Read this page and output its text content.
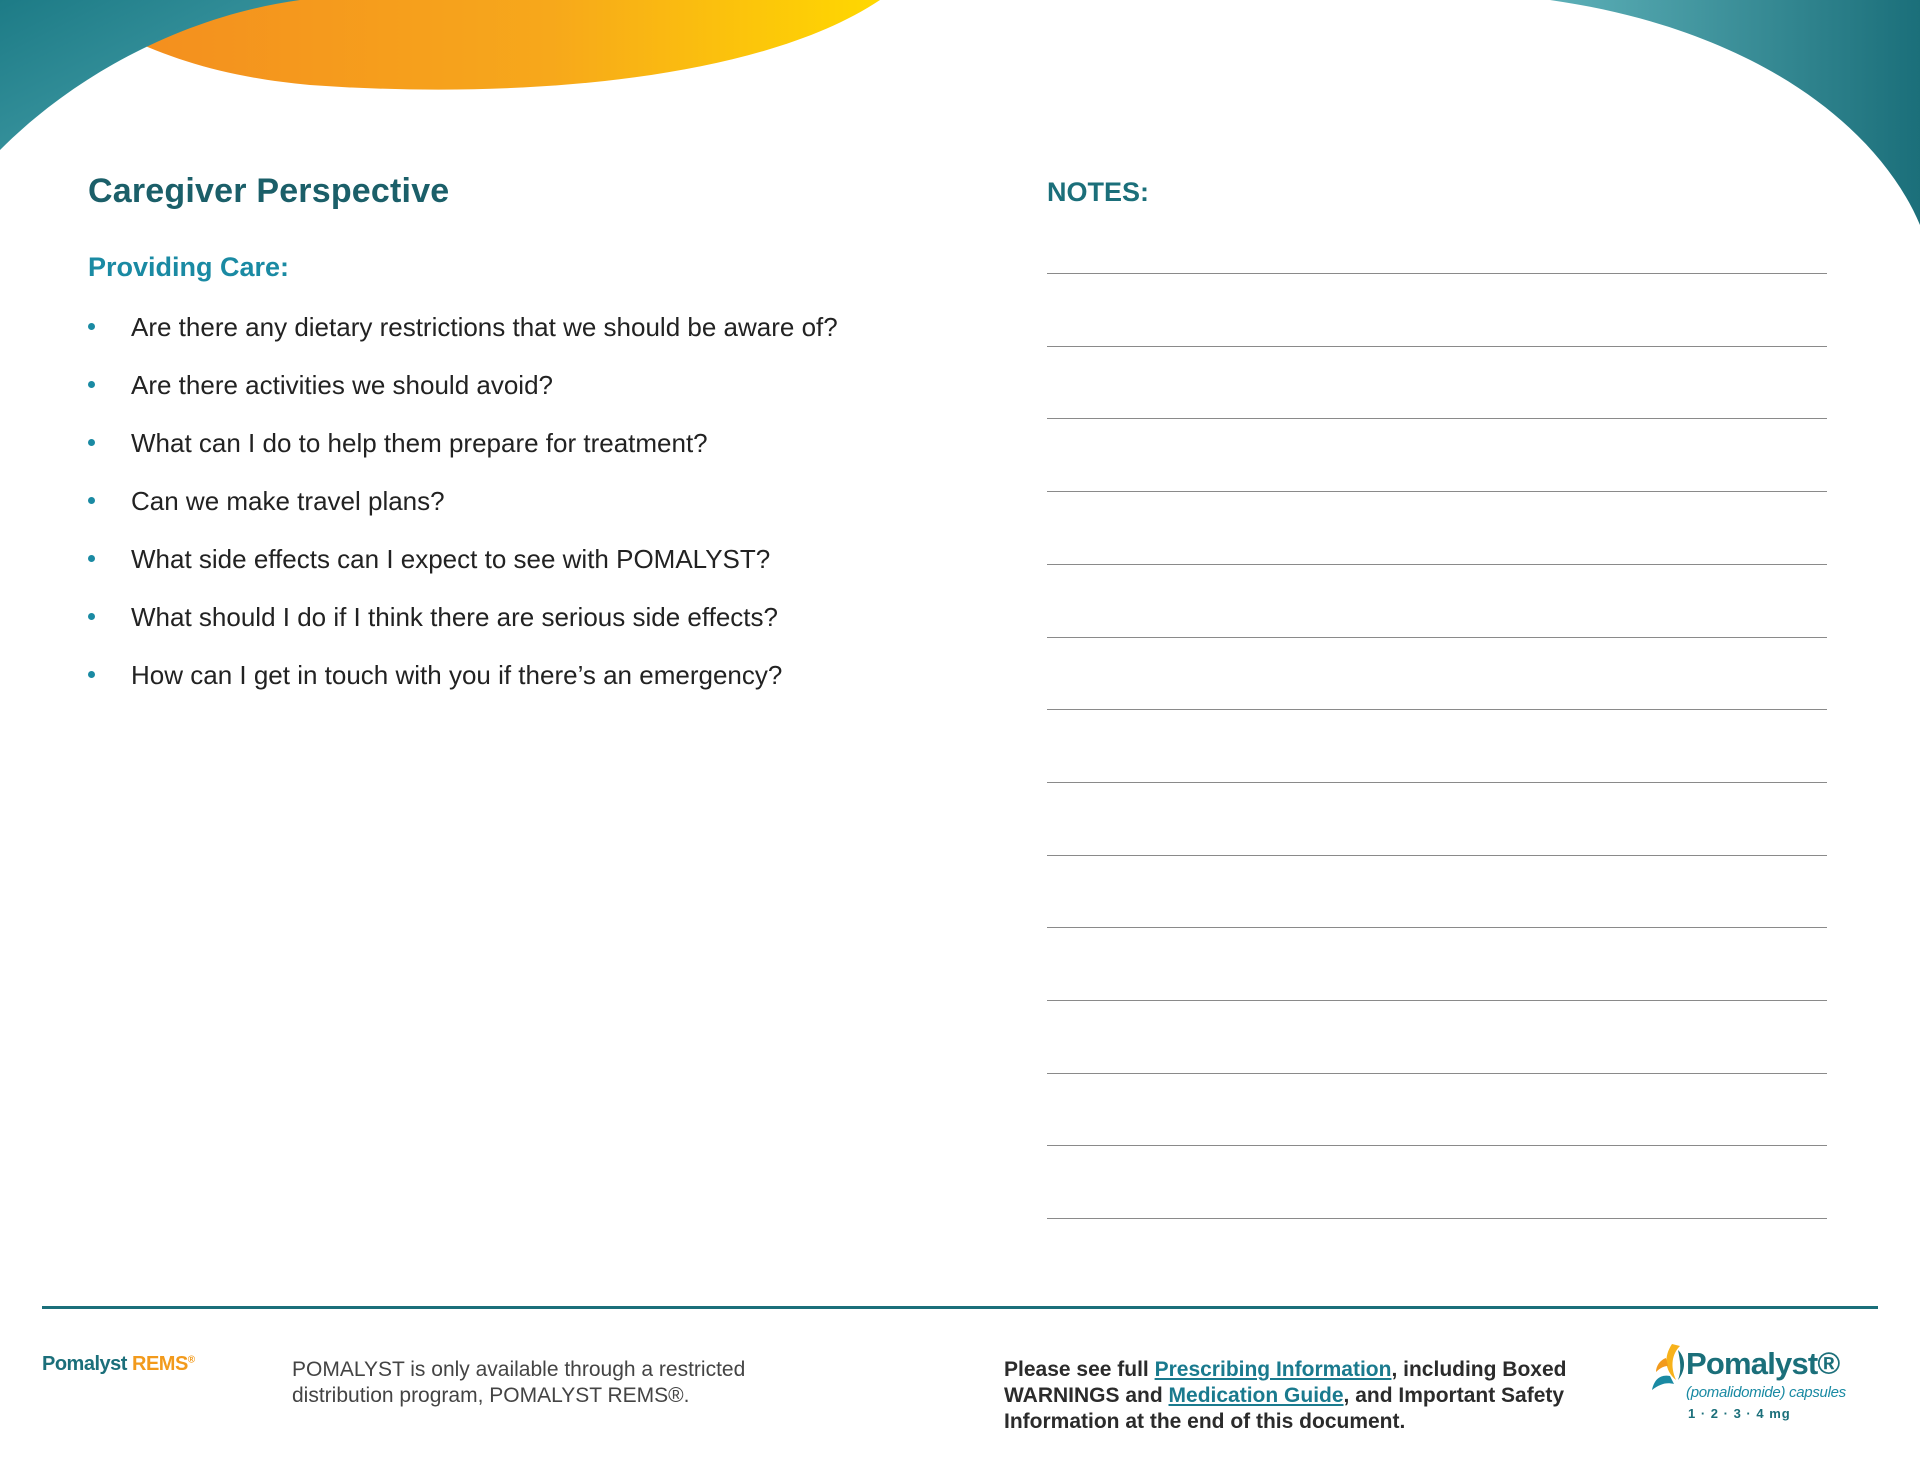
Caregiver Perspective
Providing Care:
Are there any dietary restrictions that we should be aware of?
Are there activities we should avoid?
What can I do to help them prepare for treatment?
Can we make travel plans?
What side effects can I expect to see with POMALYST?
What should I do if I think there are serious side effects?
How can I get in touch with you if there’s an emergency?
NOTES:
Pomalyst REMS®	POMALYST is only available through a restricted distribution program, POMALYST REMS®.
Please see full Prescribing Information, including Boxed WARNINGS and Medication Guide, and Important Safety Information at the end of this document.
Pomalyst®
(pomalidomide) capsules
1 · 2 · 3 · 4 mg
